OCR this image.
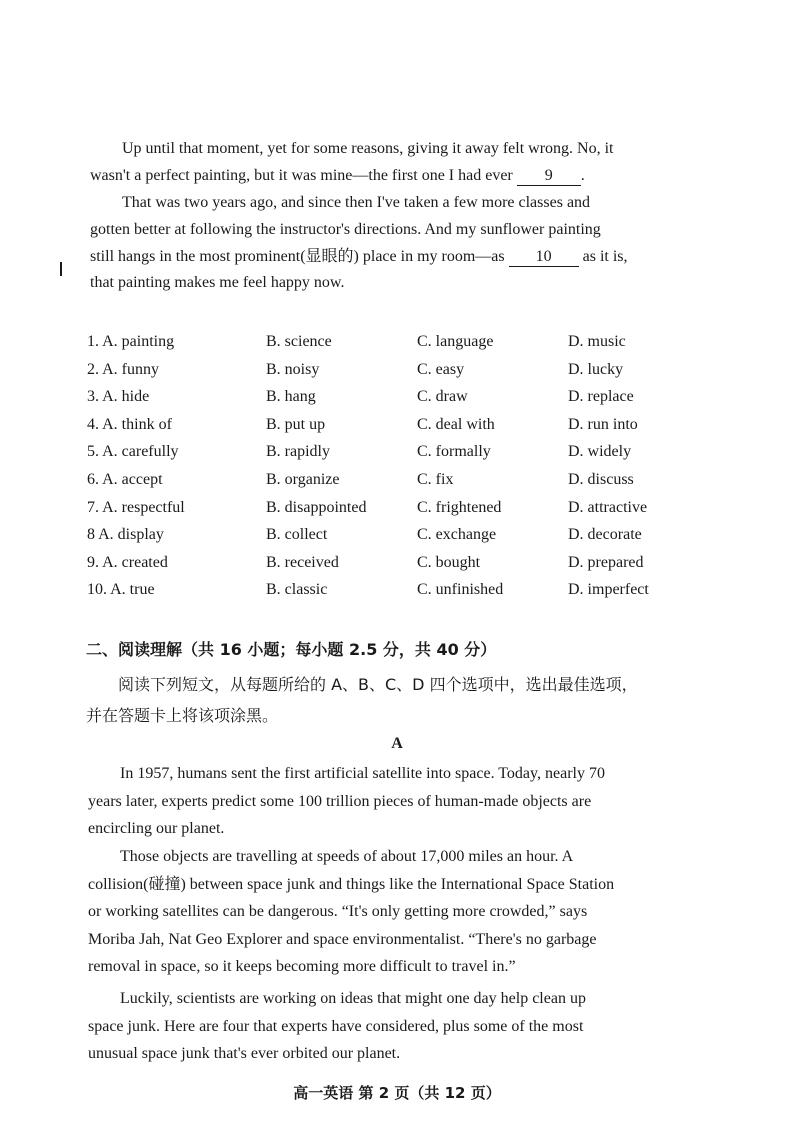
Up until that moment, yet for some reasons, giving it away felt wrong. No, it
wasn't a perfect painting, but it was mine—the first one I had ever 9 .

That was two years ago, and since then I've taken a few more classes and
gotten better at following the instructor's directions. And my sunflower painting
still hangs in the most prominent(显眼的) place in my room—as 10 as it is,
that painting makes me feel happy now.

1. A. painting	B. science	C. language	D. music
2. A. funny	B. noisy	C. easy	D. lucky
3. A. hide	B. hang	C. draw	D. replace
4. A. think of	B. put up	C. deal with	D. run into
5. A. carefully	B. rapidly	C. formally	D. widely
6. A. accept	B. organize	C. fix	D. discuss
7. A. respectful	B. disappointed	C. frightened	D. attractive
8 A. display	B. collect	C. exchange	D. decorate
9. A. created	B. received	C. bought	D. prepared
10. A. true	B. classic	C. unfinished	D. imperfect

二、阅读理解（共 16 小题；每小题 2.5 分，共 40 分）

阅读下列短文，从每题所给的 A、B、C、D 四个选项中，选出最佳选项，
并在答题卡上将该项涂黑。

A

In 1957, humans sent the first artificial satellite into space. Today, nearly 70
years later, experts predict some 100 trillion pieces of human-made objects are
encircling our planet.

Those objects are travelling at speeds of about 17,000 miles an hour. A
collision(碰撞) between space junk and things like the International Space Station
or working satellites can be dangerous. “It's only getting more crowded,” says
Moriba Jah, Nat Geo Explorer and space environmentalist. “There's no garbage
removal in space, so it keeps becoming more difficult to travel in.”

Luckily, scientists are working on ideas that might one day help clean up
space junk. Here are four that experts have considered, plus some of the most
unusual space junk that's ever orbited our planet.

高一英语 第 2 页（共 12 页）
